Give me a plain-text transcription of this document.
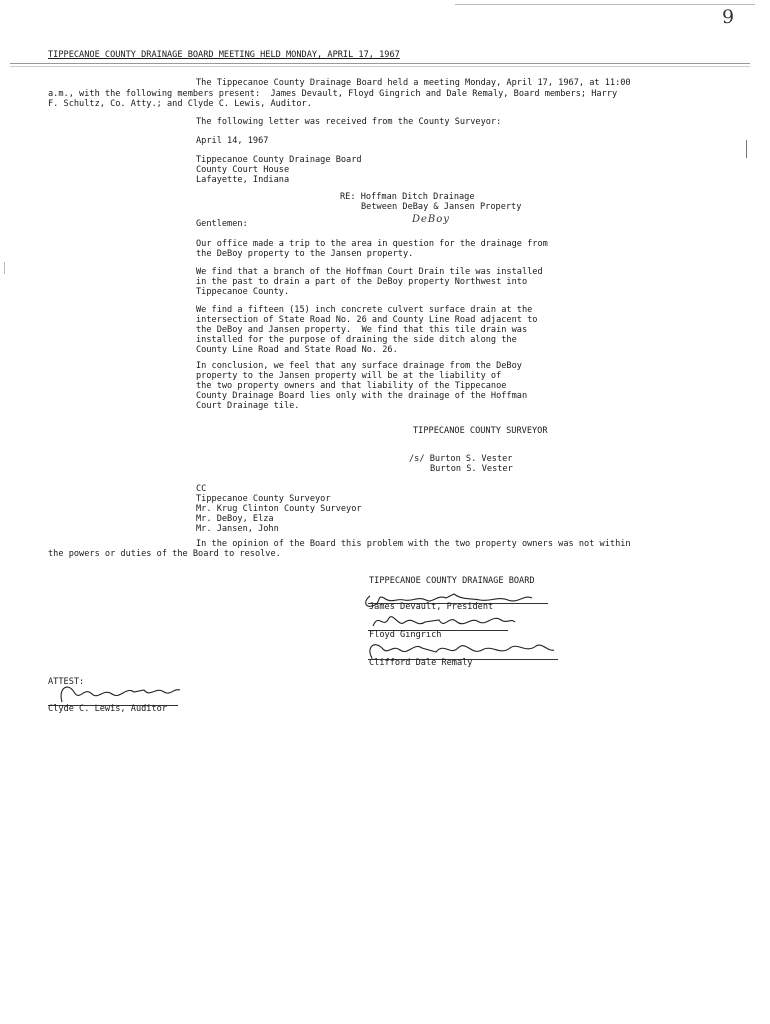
9
TIPPECANOE COUNTY DRAINAGE BOARD MEETING HELD MONDAY, APRIL 17, 1967
The Tippecanoe County Drainage Board held a meeting Monday, April 17, 1967, at 11:00
a.m., with the following members present:  James Devault, Floyd Gingrich and Dale Remaly, Board members; Harry
F. Schultz, Co. Atty.; and Clyde C. Lewis, Auditor.
The following letter was received from the County Surveyor:
April 14, 1967
Tippecanoe County Drainage Board
County Court House
Lafayette, Indiana
RE: Hoffman Ditch Drainage
Between DeBay & Jansen Property
DeBoy
Gentlemen:
Our office made a trip to the area in question for the drainage from
the DeBoy property to the Jansen property.
We find that a branch of the Hoffman Court Drain tile was installed
in the past to drain a part of the DeBoy property Northwest into
Tippecanoe County.
We find a fifteen (15) inch concrete culvert surface drain at the
intersection of State Road No. 26 and County Line Road adjacent to
the DeBoy and Jansen property.  We find that this tile drain was
installed for the purpose of draining the side ditch along the
County Line Road and State Road No. 26.
In conclusion, we feel that any surface drainage from the DeBoy
property to the Jansen property will be at the liability of
the two property owners and that liability of the Tippecanoe
County Drainage Board lies only with the drainage of the Hoffman
Court Drainage tile.
TIPPECANOE COUNTY SURVEYOR
/s/ Burton S. Vester
Burton S. Vester
CC
Tippecanoe County Surveyor
Mr. Krug Clinton County Surveyor
Mr. DeBoy, Elza
Mr. Jansen, John
In the opinion of the Board this problem with the two property owners was not within
the powers or duties of the Board to resolve.
TIPPECANOE COUNTY DRAINAGE BOARD
James Devault, President
Floyd Gingrich
Clifford Dale Remaly
ATTEST:
Clyde C. Lewis, Auditor
